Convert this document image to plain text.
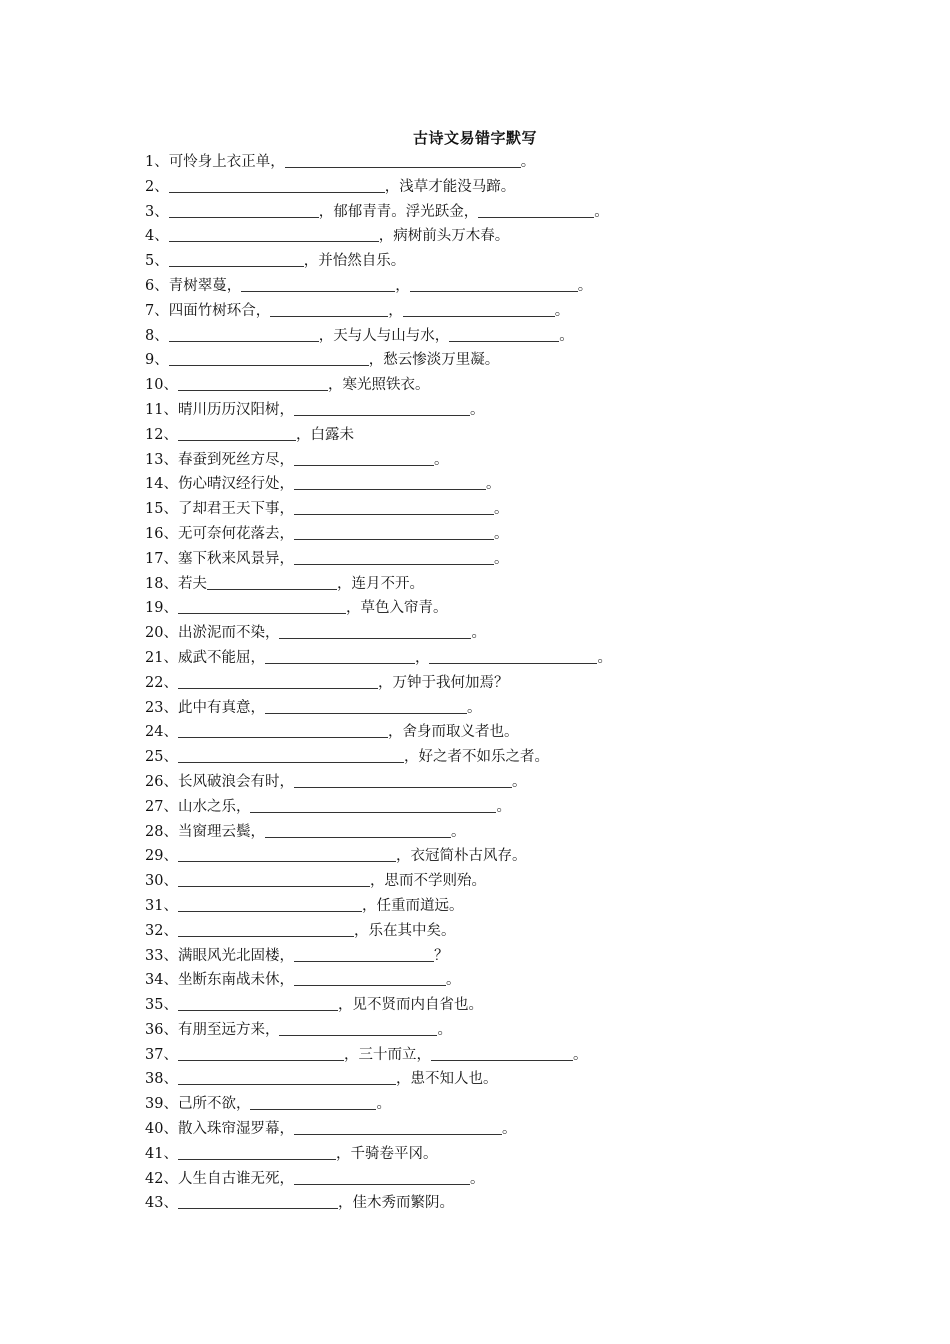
古诗文易错字默写
1、可怜身上衣正单，	。
2、	，浅草才能没马蹄。
3、	，郁郁青青。浮光跃金，	。
4、	，病树前头万木春。
5、	，并怡然自乐。
6、青树翠蔓，	，	。
7、四面竹树环合，	，	。
8、	，天与人与山与水，	。
9、	，愁云惨淡万里凝。
10、	，寒光照铁衣。
11、晴川历历汉阳树，	。
12、	，白露未
13、春蚕到死丝方尽，	。
14、伤心晴汉经行处，	。
15、了却君王天下事，	。
16、无可奈何花落去，	。
17、塞下秋来风景异，	。
18、若夫	，连月不开。
19、	，草色入帘青。
20、出淤泥而不染，	。
21、威武不能屈，	，	。
22、	，万钟于我何加焉？
23、此中有真意，	。
24、	，舍身而取义者也。
25、	，好之者不如乐之者。
26、长风破浪会有时，	。
27、山水之乐，	。
28、当窗理云鬓，	。
29、	，衣冠简朴古风存。
30、	，思而不学则殆。
31、	，任重而道远。
32、	，乐在其中矣。
33、满眼风光北固楼，	？
34、坐断东南战未休，	。
35、	，见不贤而内自省也。
36、有朋至远方来，	。
37、	，三十而立，	。
38、	，患不知人也。
39、己所不欲，	。
40、散入珠帘湿罗幕，	。
41、	，千骑卷平冈。
42、人生自古谁无死，	。
43、	，佳木秀而繁阴。
